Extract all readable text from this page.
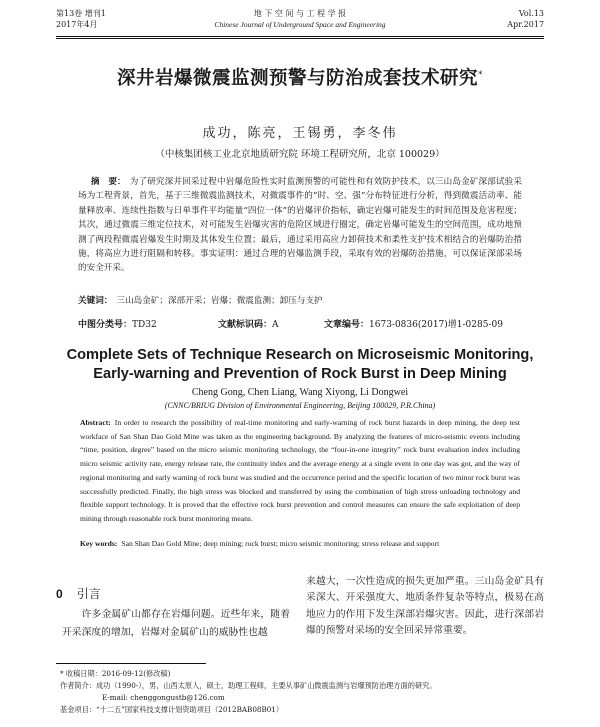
第13卷 增刊1
2017年4月
地 下 空 间 与 工 程 学 报
Chinese Journal of Underground Space and Engineering
Vol.13
Apr.2017
深井岩爆微震监测预警与防治成套技术研究*
成功，陈亮，王锡勇，李冬伟
（中核集团核工业北京地质研究院 环境工程研究所，北京 100029）
摘　要： 为了研究深井回采过程中岩爆危险性实时监测预警的可能性和有效防护技术，以三山岛金矿深部试验采场为工程背景，首先，基于三维微震监测技术，对微震事件的“时、空、强”分布特征进行分析，得到微震活动率、能量释放率、连续性指数与日单事件平均能量“四位一体”的岩爆评价指标，确定岩爆可能发生的时间范围及危害程度；其次，通过微震三维定位技术，对可能发生岩爆灾害的危险区域进行圈定，确定岩爆可能发生的空间范围，成功地预测了两段程微震岩爆发生时期及其体发生位置；最后，通过采用高应力卸荷技术和柔性支护技术相结合的岩爆防治措施，将高应力进行阻隔和转移。事实证明：通过合理的岩爆监测手段，采取有效的岩爆防治措施，可以保证深部采场的安全开采。
关键词： 三山岛金矿；深部开采；岩爆；微震监测；卸压与支护
中图分类号：TD32	文献标识码：A	文章编号：1673-0836(2017)增1-0285-09
Complete Sets of Technique Research on Microseismic Monitoring,
Early-warning and Prevention of Rock Burst in Deep Mining
Cheng Gong, Chen Liang, Wang Xiyong, Li Dongwei
(CNNC/BRIUG Division of Environmental Engineering, Beijing 100029, P.R.China)
Abstract: In order to research the possibility of real-time monitoring and early-warning of rock burst hazards in deep mining, the deep test workface of San Shan Dao Gold Mine was taken as the engineering background. By analyzing the features of micro-seismic events including “time, position, degree” based on the micro seismic monitoring technology, the “four-in-one integrity” rock burst evaluation index including micro seismic activity rate, energy release rate, the continuity index and the average energy at a single event in one day was got, and the way of regional monitoring and early warning of rock burst was studied and the occurrence period and the specific location of two minor rock burst was successfully predicted. Finally, the high stress was blocked and transferred by using the combination of high stress unloading technology and flexible support technology. It is proved that the effective rock burst prevention and control measures can ensure the safe exploitation of deep mining through reasonable rock burst monitoring means.
Key words: San Shan Dao Gold Mine; deep mining; rock burst; micro seismic monitoring; stress release and support
0 引言
许多金属矿山都存在岩爆问题。近些年来，随着开采深度的增加，岩爆对金属矿山的威胁性也越
来越大，一次性造成的损失更加严重。三山岛金矿具有采深大、开采强度大、地质条件复杂等特点，极易在高地应力的作用下发生深部岩爆灾害。因此，进行深部岩爆的预警对采场的安全回采异常重要。
* 收稿日期：2016-09-12(修改稿)
作者简介：成功（1990-），男，山西太原人，硕士，助理工程师，主要从事矿山微震监测与岩爆预防治理方面的研究。
E-mail: chenggongustb@126.com
基金项目：“十二五”国家科技支撑计划资助项目（2012BAB08B01）
